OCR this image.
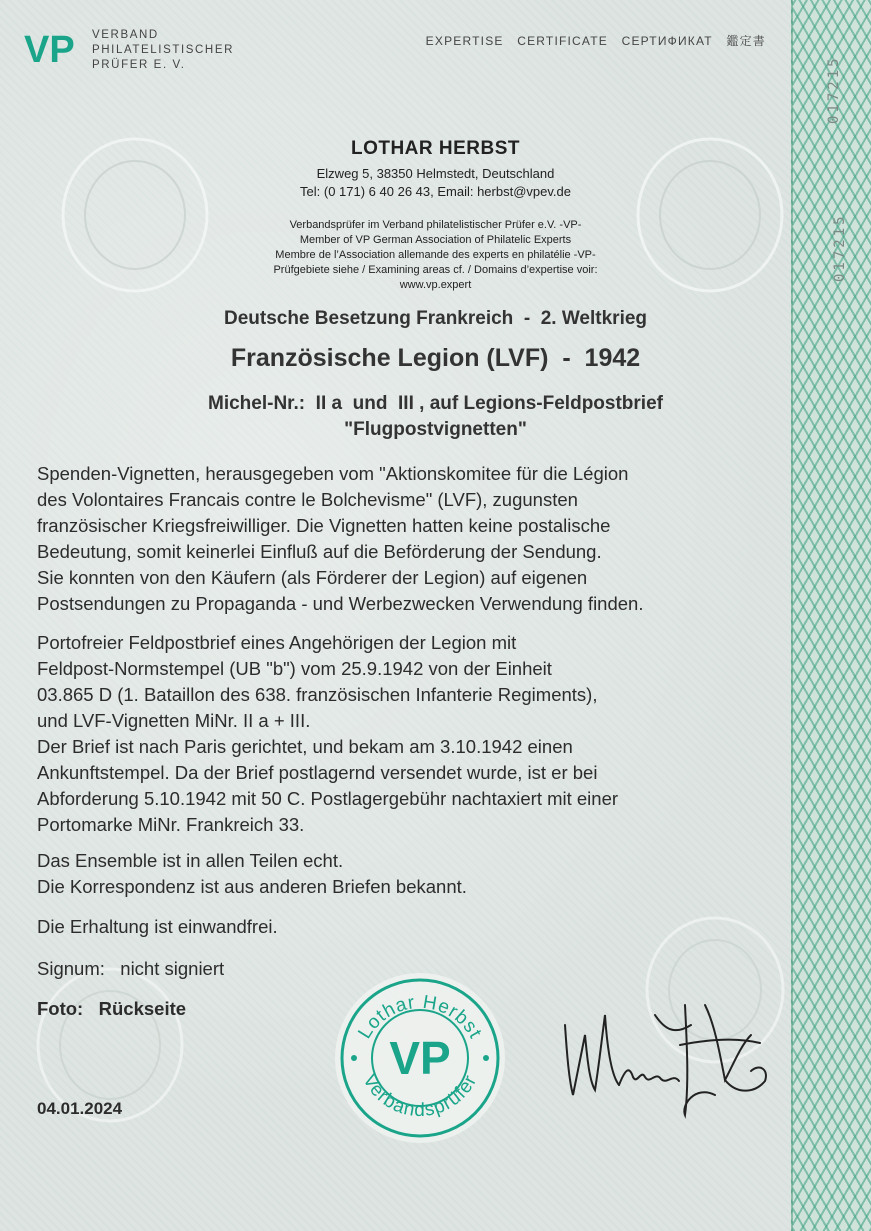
017215
017215
VP VERBAND
PHILATELISTISCHER
PRÜFER E. V.
EXPERTISE   CERTIFICATE   СЕРТИФИКАТ   鑑定書
LOTHAR HERBST
Elzweg 5, 38350 Helmstedt, Deutschland
Tel: (0 171) 6 40 26 43, Email: herbst@vpev.de
Verbandsprüfer im Verband philatelistischer Prüfer e.V. -VP-
Member of VP German Association of Philatelic Experts
Membre de l’Association allemande des experts en philatélie -VP-
Prüfgebiete siehe / Examining areas cf. / Domains d’expertise voir:
www.vp.expert
Deutsche Besetzung Frankreich  -  2. Weltkrieg
Französische Legion (LVF)  -  1942
Michel-Nr.:  II a  und  III , auf Legions-Feldpostbrief
"Flugpostvignetten"
Spenden-Vignetten, herausgegeben vom "Aktionskomitee für die Légion
des Volontaires Francais contre le Bolchevisme" (LVF), zugunsten
französischer Kriegsfreiwilliger. Die Vignetten hatten keine postalische
Bedeutung, somit keinerlei Einfluß auf die Beförderung der Sendung.
Sie konnten von den Käufern (als Förderer der Legion) auf eigenen
Postsendungen zu Propaganda - und Werbezwecken Verwendung finden.
Portofreier Feldpostbrief eines Angehörigen der Legion mit
Feldpost-Normstempel (UB "b") vom 25.9.1942 von der Einheit
03.865 D (1. Bataillon des 638. französischen Infanterie Regiments),
und LVF-Vignetten MiNr. II a + III.
Der Brief ist nach Paris gerichtet, und bekam am 3.10.1942 einen
Ankunftstempel. Da der Brief postlagernd versendet wurde, ist er bei
Abforderung 5.10.1942 mit 50 C. Postlagergebühr nachtaxiert mit einer
Portomarke MiNr. Frankreich 33.
Das Ensemble ist in allen Teilen echt.
Die Korrespondenz ist aus anderen Briefen bekannt.
Die Erhaltung ist einwandfrei.
Signum:   nicht signiert
Foto:   Rückseite
04.01.2024
Lothar Herbst
Verbandsprüfer
VP
